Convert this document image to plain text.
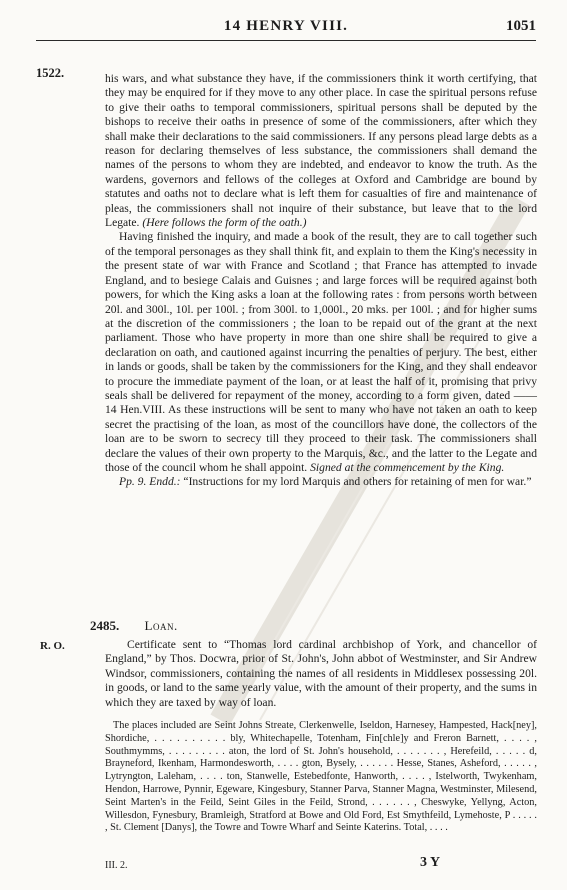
14 HENRY VIII.	1051
1522.	his wars, and what substance they have, if the commissioners think it worth certifying, that they may be enquired for if they move to any other place. In case the spiritual persons refuse to give their oaths to temporal commissioners, spiritual persons shall be deputed by the bishops to receive their oaths in presence of some of the commissioners, after which they shall make their declarations to the said commissioners. If any persons plead large debts as a reason for declaring themselves of less substance, the commissioners shall demand the names of the persons to whom they are indebted, and endeavor to know the truth. As the wardens, governors and fellows of the colleges at Oxford and Cambridge are bound by statutes and oaths not to declare what is left them for casualties of fire and maintenance of pleas, the commissioners shall not inquire of their substance, but leave that to the lord Legate. (Here follows the form of the oath.)

Having finished the inquiry, and made a book of the result, they are to call together such of the temporal personages as they shall think fit, and explain to them the King's necessity in the present state of war with France and Scotland ; that France has attempted to invade England, and to besiege Calais and Guisnes ; and large forces will be required against both powers, for which the King asks a loan at the following rates : from persons worth between 20l. and 300l., 10l. per 100l. ; from 300l. to 1,000l., 20 mks. per 100l. ; and for higher sums at the discretion of the commissioners ; the loan to be repaid out of the grant at the next parliament. Those who have property in more than one shire shall be required to give a declaration on oath, and cautioned against incurring the penalties of perjury. The best, either in lands or goods, shall be taken by the commissioners for the King, and they shall endeavor to procure the immediate payment of the loan, or at least the half of it, promising that privy seals shall be delivered for repayment of the money, according to a form given, dated —— 14 Hen.VIII. As these instructions will be sent to many who have not taken an oath to keep secret the practising of the loan, as most of the councillors have done, the collectors of the loan are to be sworn to secrecy till they proceed to their task. The commissioners shall declare the values of their own property to the Marquis, &c., and the latter to the Legate and those of the council whom he shall appoint. Signed at the commencement by the King.

Pp. 9. Endd.: “Instructions for my lord Marquis and others for retaining of men for war.”

2485. Loan.
R. O.	Certificate sent to “Thomas lord cardinal archbishop of York, and chancellor of England,” by Thos. Docwra, prior of St. John's, John abbot of Westminster, and Sir Andrew Windsor, commissioners, containing the names of all residents in Middlesex possessing 20l. in goods, or land to the same yearly value, with the amount of their property, and the sums in which they are taxed by way of loan.

The places included are Seint Johns Streate, Clerkenwelle, Iseldon, Harnesey, Hampested, Hack[ney], Shordiche, . . . . . . . . . . bly, Whitechapelle, Totenham, Fin[chle]y and Freron Barnett, . . . . , Southmymms, . . . . . . . . . aton, the lord of St. John's household, . . . . . . . , Herefeild, . . . . . d, Brayneford, Ikenham, Harmondesworth, . . . . gton, Bysely, . . . . . . Hesse, Stanes, Asheford, . . . . . , Lytryngton, Laleham, . . . . ton, Stanwelle, Estebedfonte, Hanworth, . . . . , Istelworth, Twykenham, Hendon, Harrowe, Pynnir, Egeware, Kingesbury, Stanner Parva, Stanner Magna, Westminster, Milesend, Seint Marten's in the Feild, Seint Giles in the Feild, Strond, . . . . . . , Cheswyke, Yellyng, Acton, Willesdon, Fynesbury, Bramleigh, Stratford at Bowe and Old Ford, Est Smythfeild, Lymehoste, P . . . . . , St. Clement [Danys], the Towre and Towre Wharf and Seinte Katerins. Total, . . . .

III. 2.	3 Y
